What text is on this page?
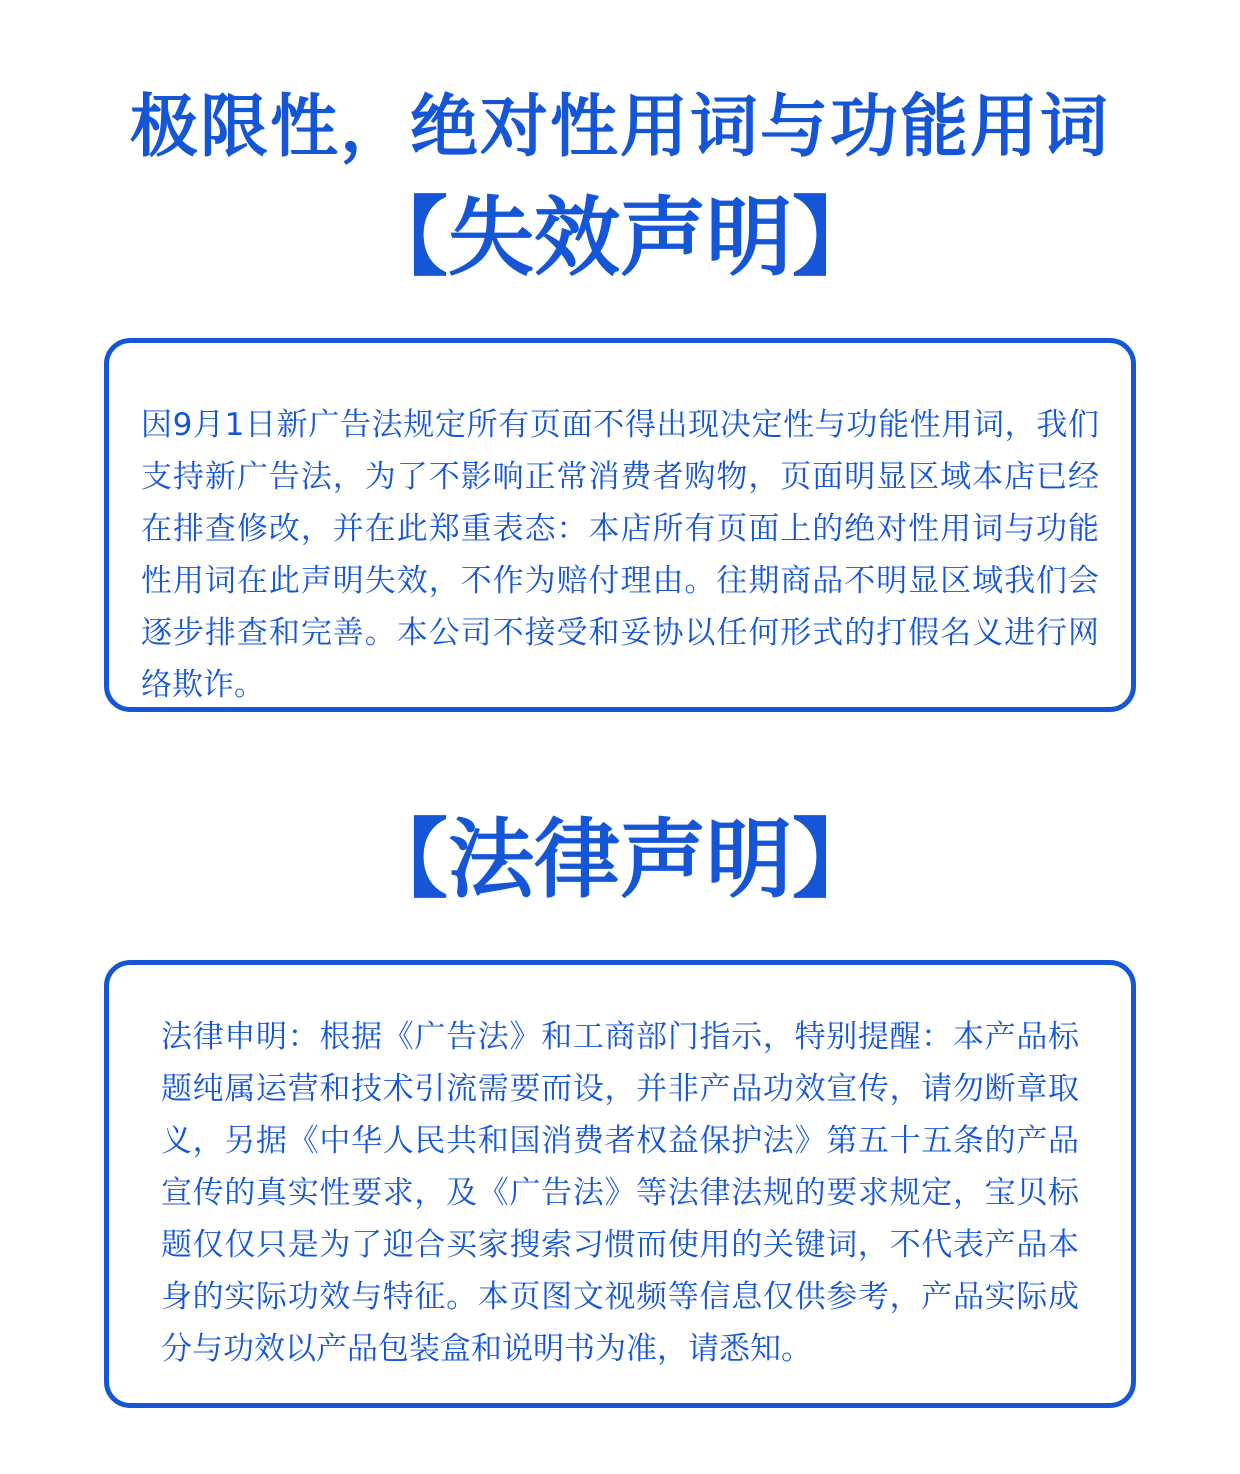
极限性，绝对性用词与功能用词
【失效声明】

因9月1日新广告法规定所有页面不得出现决定性与功能性用词，我们支持新广告法，为了不影响正常消费者购物，页面明显区域本店已经在排查修改，并在此郑重表态：本店所有页面上的绝对性用词与功能性用词在此声明失效，不作为赔付理由。往期商品不明显区域我们会逐步排查和完善。本公司不接受和妥协以任何形式的打假名义进行网络欺诈。

【法律声明】

法律申明：根据《广告法》和工商部门指示，特别提醒：本产品标题纯属运营和技术引流需要而设，并非产品功效宣传，请勿断章取义，另据《中华人民共和国消费者权益保护法》第五十五条的产品宣传的真实性要求，及《广告法》等法律法规的要求规定，宝贝标题仅仅只是为了迎合买家搜索习惯而使用的关键词，不代表产品本身的实际功效与特征。本页图文视频等信息仅供参考，产品实际成分与功效以产品包装盒和说明书为准，请悉知。
